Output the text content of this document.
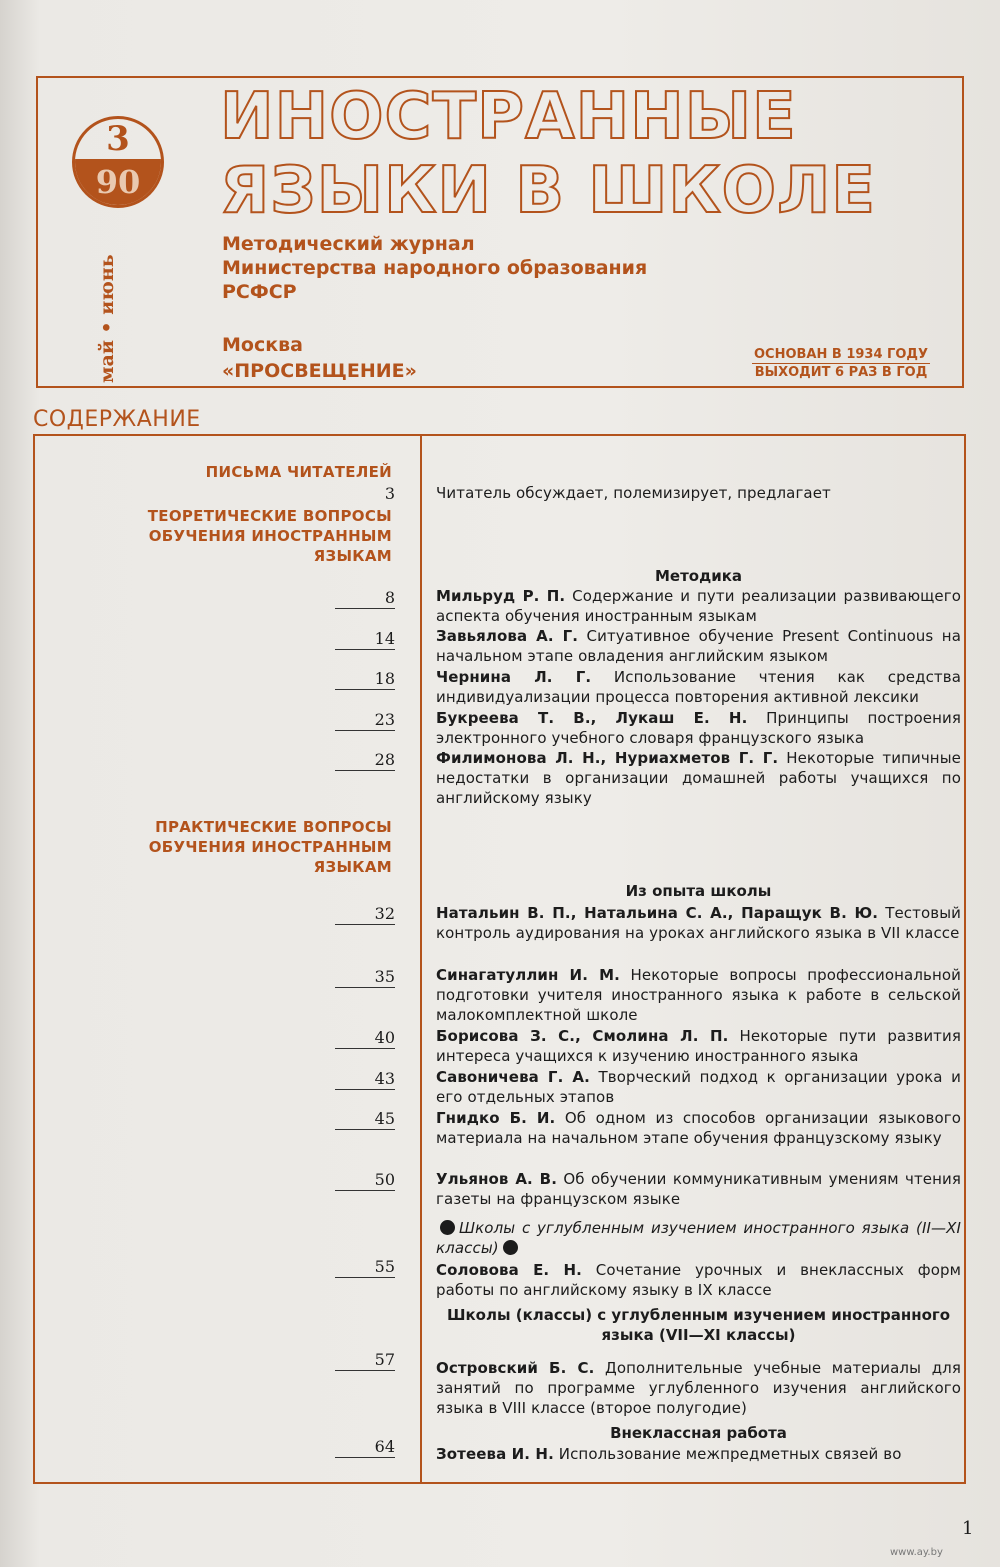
3
90
май • июнь
ИНОСТРАННЫЕ
ЯЗЫКИ В ШКОЛЕ
Методический журнал
Министерства народного образования
РСФСР
Москва
«ПРОСВЕЩЕНИЕ»
ОСНОВАН В 1934 ГОДУ
ВЫХОДИТ 6 РАЗ В ГОД
СОДЕРЖАНИЕ
ПИСЬМА ЧИТАТЕЛЕЙ
ТЕОРЕТИЧЕСКИЕ ВОПРОСЫ
ОБУЧЕНИЯ ИНОСТРАННЫМ
ЯЗЫКАМ
ПРАКТИЧЕСКИЕ ВОПРОСЫ
ОБУЧЕНИЯ ИНОСТРАННЫМ
ЯЗЫКАМ
3
8
14
18
23
28
32
35
40
43
45
50
55
57
64
Читатель обсуждает, полемизирует, предлагает
Методика
Мильруд Р. П. Содержание и пути реализации развивающего аспекта обучения иностранным языкам
Завьялова А. Г. Ситуативное обучение Present Continuous на начальном этапе овладения английским языком
Чернина Л. Г. Использование чтения как средства индивидуализации процесса повторения активной лексики
Букреева Т. В., Лукаш Е. Н. Принципы построения электронного учебного словаря французского языка
Филимонова Л. Н., Нуриахметов Г. Г. Некоторые типичные недостатки в организации домашней работы учащихся по английскому языку
Из опыта школы
Натальин В. П., Натальина С. А., Паращук В. Ю. Тестовый контроль аудирования на уроках английского языка в VII классе
Синагатуллин И. М. Некоторые вопросы профессиональной подготовки учителя иностранного языка к работе в сельской малокомплектной школе
Борисова З. С., Смолина Л. П. Некоторые пути развития интереса учащихся к изучению иностранного языка
Савоничева Г. А. Творческий подход к организации урока и его отдельных этапов
Гнидко Б. И. Об одном из способов организации языкового материала на начальном этапе обучения французскому языку
Ульянов А. В. Об обучении коммуникативным умениям чтения газеты на французском языке
Школы с углубленным изучением иностранного языка (II—XI классы)
Соловова Е. Н. Сочетание урочных и внеклассных форм работы по английскому языку в IX классе
Школы (классы) с углубленным изучением иностранного
языка (VII—XI классы)
Островский Б. С. Дополнительные учебные материалы для занятий по программе углубленного изучения английского языка в VIII классе (второе полугодие)
Внеклассная работа
Зотеева И. Н. Использование межпредметных связей во
1
www.ay.by
